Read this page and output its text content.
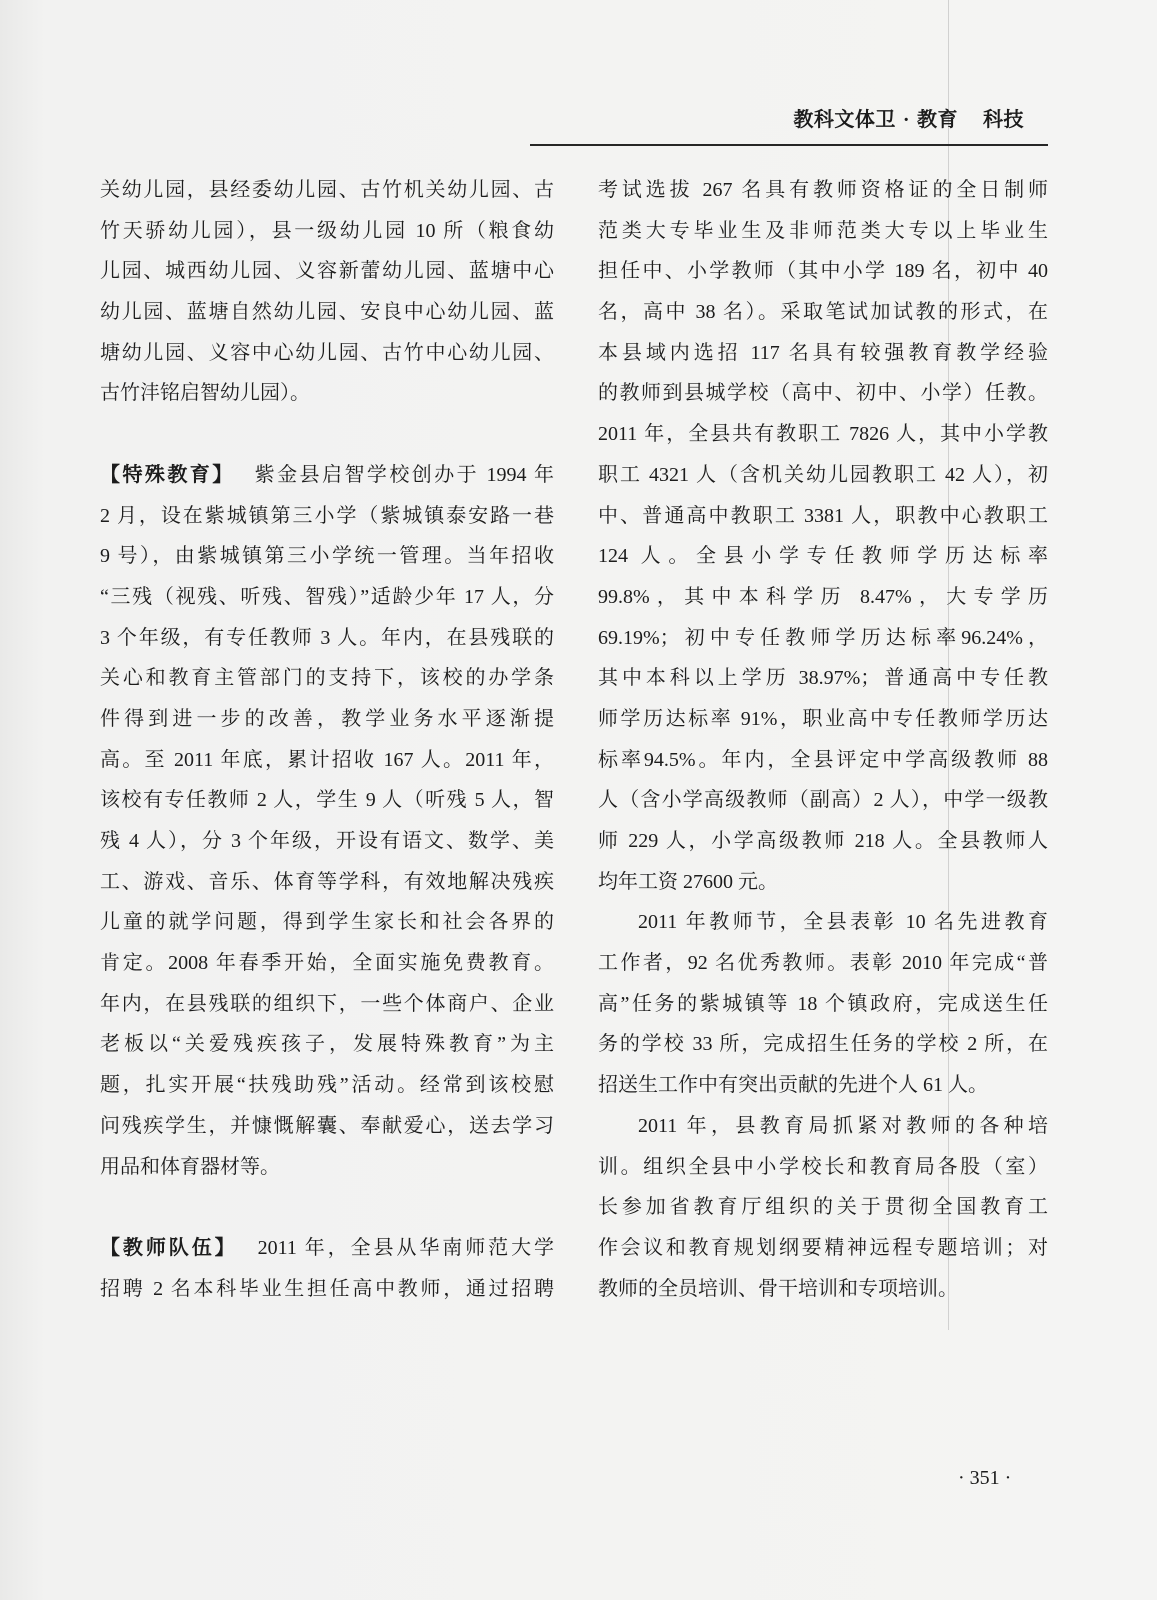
教科文体卫 · 教育 科技
关幼儿园，县经委幼儿园、古竹机关幼儿园、古
竹天骄幼儿园），县一级幼儿园 10 所（粮食幼
儿园、城西幼儿园、义容新蕾幼儿园、蓝塘中心
幼儿园、蓝塘自然幼儿园、安良中心幼儿园、蓝
塘幼儿园、义容中心幼儿园、古竹中心幼儿园、
古竹沣铭启智幼儿园）。
【特殊教育】 紫金县启智学校创办于 1994 年
2 月，设在紫城镇第三小学（紫城镇泰安路一巷
9 号），由紫城镇第三小学统一管理。当年招收
“三残（视残、听残、智残）”适龄少年 17 人，分
3 个年级，有专任教师 3 人。年内，在县残联的
关心和教育主管部门的支持下，该校的办学条
件得到进一步的改善，教学业务水平逐渐提
高。至 2011 年底，累计招收 167 人。2011 年，
该校有专任教师 2 人，学生 9 人（听残 5 人，智
残 4 人），分 3 个年级，开设有语文、数学、美
工、游戏、音乐、体育等学科，有效地解决残疾
儿童的就学问题，得到学生家长和社会各界的
肯定。2008 年春季开始，全面实施免费教育。
年内，在县残联的组织下，一些个体商户、企业
老板以“关爱残疾孩子，发展特殊教育”为主
题，扎实开展“扶残助残”活动。经常到该校慰
问残疾学生，并慷慨解囊、奉献爱心，送去学习
用品和体育器材等。
【教师队伍】 2011 年，全县从华南师范大学
招聘 2 名本科毕业生担任高中教师，通过招聘
考试选拔 267 名具有教师资格证的全日制师
范类大专毕业生及非师范类大专以上毕业生
担任中、小学教师（其中小学 189 名，初中 40
名，高中 38 名）。采取笔试加试教的形式，在
本县域内选招 117 名具有较强教育教学经验
的教师到县城学校（高中、初中、小学）任教。
2011 年，全县共有教职工 7826 人，其中小学教
职工 4321 人（含机关幼儿园教职工 42 人），初
中、普通高中教职工 3381 人，职教中心教职工
124 人。全县小学专任教师学历达标率
99.8%，其中本科学历 8.47%，大专学历
69.19%；初中专任教师学历达标率96.24%，
其中本科以上学历 38.97%；普通高中专任教
师学历达标率 91%，职业高中专任教师学历达
标率94.5%。年内，全县评定中学高级教师 88
人（含小学高级教师（副高）2 人），中学一级教
师 229 人，小学高级教师 218 人。全县教师人
均年工资 27600 元。
2011 年教师节，全县表彰 10 名先进教育
工作者，92 名优秀教师。表彰 2010 年完成“普
高”任务的紫城镇等 18 个镇政府，完成送生任
务的学校 33 所，完成招生任务的学校 2 所，在
招送生工作中有突出贡献的先进个人 61 人。
2011 年，县教育局抓紧对教师的各种培
训。组织全县中小学校长和教育局各股（室）
长参加省教育厅组织的关于贯彻全国教育工
作会议和教育规划纲要精神远程专题培训；对
教师的全员培训、骨干培训和专项培训。
· 351 ·
